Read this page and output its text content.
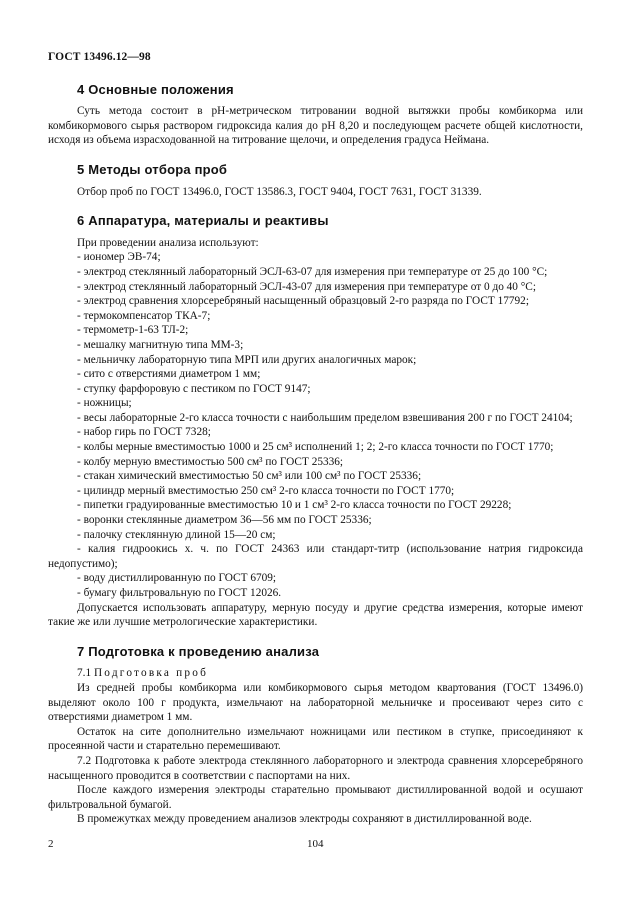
ГОСТ 13496.12—98
4 Основные положения

Суть метода состоит в рН-метрическом титровании водной вытяжки пробы комбикорма или комбикормового сырья раствором гидроксида калия до рН 8,20 и последующем расчете общей кислотности, исходя из объема израсходованной на титрование щелочи, и определения градуса Неймана.

5 Методы отбора проб

Отбор проб по ГОСТ 13496.0, ГОСТ 13586.3, ГОСТ 9404, ГОСТ 7631, ГОСТ 31339.

6 Аппаратура, материалы и реактивы

При проведении анализа используют:

- иономер ЭВ-74;

- электрод стеклянный лабораторный ЭСЛ-63-07 для измерения при температуре от 25 до 100 °С;

- электрод стеклянный лабораторный ЭСЛ-43-07 для измерения при температуре от 0 до 40 °С;

- электрод сравнения хлорсеребряный насыщенный образцовый 2-го разряда по ГОСТ 17792;

- термокомпенсатор ТКА-7;

- термометр-1-63 ТЛ-2;

- мешалку магнитную типа ММ-3;

- мельничку лабораторную типа МРП или других аналогичных марок;

- сито с отверстиями диаметром 1 мм;

- ступку фарфоровую с пестиком по ГОСТ 9147;

- ножницы;

- весы лабораторные 2-го класса точности с наибольшим пределом взвешивания 200 г по ГОСТ 24104;

- набор гирь по ГОСТ 7328;

- колбы мерные вместимостью 1000 и 25 см³ исполнений 1; 2; 2-го класса точности по ГОСТ 1770;

- колбу мерную вместимостью 500 см³ по ГОСТ 25336;

- стакан химический вместимостью 50 см³ или 100 см³ по ГОСТ 25336;

- цилиндр мерный вместимостью 250 см³ 2-го класса точности по ГОСТ 1770;

- пипетки градуированные вместимостью 10 и 1 см³ 2-го класса точности по ГОСТ 29228;

- воронки стеклянные диаметром 36—56 мм по ГОСТ 25336;

- палочку стеклянную длиной 15—20 см;

- калия гидроокись х. ч. по ГОСТ 24363 или стандарт-титр (использование натрия гидроксида недопустимо);

- воду дистиллированную по ГОСТ 6709;

- бумагу фильтровальную по ГОСТ 12026.

Допускается использовать аппаратуру, мерную посуду и другие средства измерения, которые имеют такие же или лучшие метрологические характеристики.

7 Подготовка к проведению анализа

7.1 Подготовка проб

Из средней пробы комбикорма или комбикормового сырья методом квартования (ГОСТ 13496.0) выделяют около 100 г продукта, измельчают на лабораторной мельничке и просеивают через сито с отверстиями диаметром 1 мм.

Остаток на сите дополнительно измельчают ножницами или пестиком в ступке, присоединяют к просеянной части и старательно перемешивают.

7.2 Подготовка к работе электрода стеклянного лабораторного и электрода сравнения хлорсеребряного насыщенного проводится в соответствии с паспортами на них.

После каждого измерения электроды старательно промывают дистиллированной водой и осушают фильтровальной бумагой.

В промежутках между проведением анализов электроды сохраняют в дистиллированной воде.

2	104
